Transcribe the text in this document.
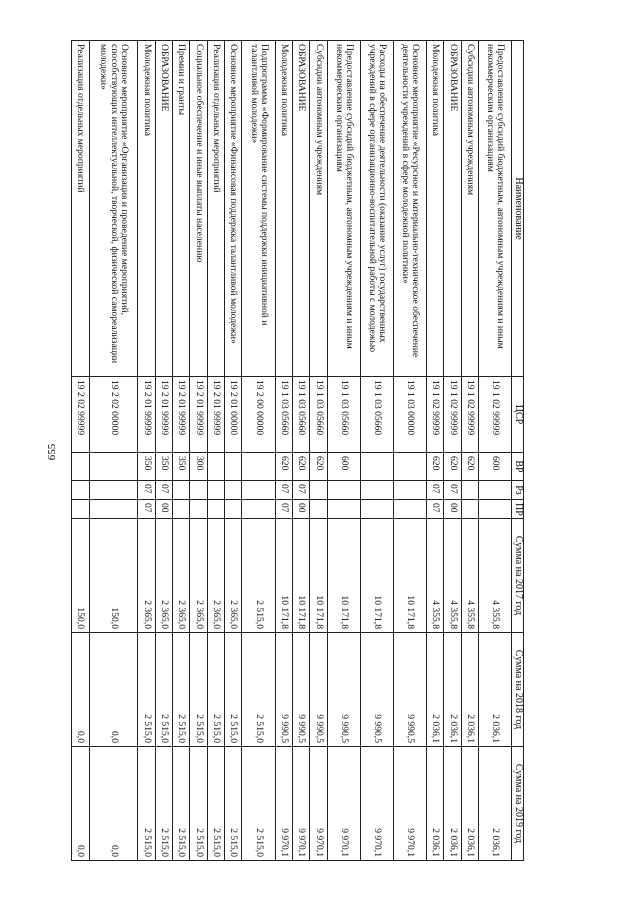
655
Наименование	ЦСР	ВР	Рз	ПР	Сумма на 2017 год	Сумма на 2018 год	Сумма на 2019 год
Предоставление субсидий бюджетным, автономным учреждениям и иным некоммерческим организациям	19 1 02 99999	600			4 355,8	2 036,1	2 036,1
Субсидии автономным учреждениям	19 1 02 99999	620			4 355,8	2 036,1	2 036,1
ОБРАЗОВАНИЕ	19 1 02 99999	620	07	00	4 355,8	2 036,1	2 036,1
Молодежная политика	19 1 02 99999	620	07	07	4 355,8	2 036,1	2 036,1
Основное мероприятие «Ресурсное и материально-техническое обеспечение деятельности учреждений в сфере молодежной политики»	19 1 03 00000				10 171,8	9 990,5	9 970,1
Расходы на обеспечение деятельности (оказание услуг) государственных учреждений в сфере организационно-воспитательной работы с молодежью	19 1 03 05660				10 171,8	9 990,5	9 970,1
Предоставление субсидий бюджетным, автономным учреждениям и иным некоммерческим организациям	19 1 03 05660	600			10 171,8	9 990,5	9 970,1
Субсидии автономным учреждениям	19 1 03 05660	620			10 171,8	9 990,5	9 970,1
ОБРАЗОВАНИЕ	19 1 03 05660	620	07	00	10 171,8	9 990,5	9 970,1
Молодежная политика	19 1 03 05660	620	07	07	10 171,8	9 990,5	9 970,1
Подпрограмма «Формирование системы поддержки инициативной и талантливой молодежи»	19 2 00 00000				2 515,0	2 515,0	2 515,0
Основное мероприятие «Финансовая поддержка талантливой молодежи»	19 2 01 00000				2 365,0	2 515,0	2 515,0
Реализация отдельных мероприятий	19 2 01 99999				2 365,0	2 515,0	2 515,0
Социальное обеспечение и иные выплаты населению	19 2 01 99999	300			2 365,0	2 515,0	2 515,0
Премии и гранты	19 2 01 99999	350			2 365,0	2 515,0	2 515,0
ОБРАЗОВАНИЕ	19 2 01 99999	350	07	00	2 365,0	2 515,0	2 515,0
Молодежная политика	19 2 01 99999	350	07	07	2 365,0	2 515,0	2 515,0
Основное мероприятие «Организация и проведение мероприятий, способствующих интеллектуальной, творческой, физической самореализации молодежи»	19 2 02 00000				150,0	0,0	0,0
Реализация отдельных мероприятий	19 2 02 99999				150,0	0,0	0,0
